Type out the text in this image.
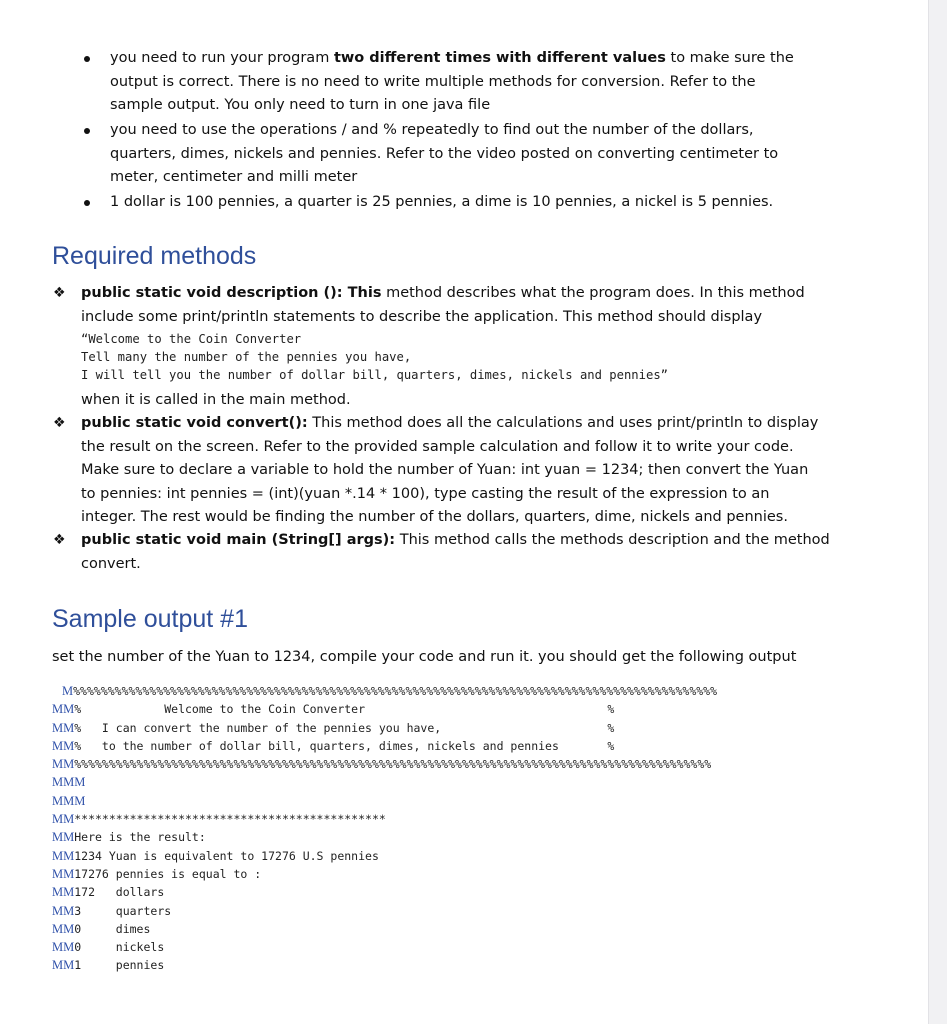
you need to run your program two different times with different values to make sure the
output is correct. There is no need to write multiple methods for conversion. Refer to the
sample output. You only need to turn in one java file
you need to use the operations / and % repeatedly to find out the number of the dollars,
quarters, dimes, nickels and pennies. Refer to the video posted on converting centimeter to
meter, centimeter and milli meter
1 dollar is 100 pennies, a quarter is 25 pennies, a dime is 10 pennies, a nickel is 5 pennies.
Required methods
❖ public static void description (): This method describes what the program does. In this method
include some print/println statements to describe the application. This method should display
“Welcome to the Coin Converter
Tell many the number of the pennies you have,
I will tell you the number of dollar bill, quarters, dimes, nickels and pennies”
when it is called in the main method.
❖ public static void convert(): This method does all the calculations and uses print/println to display
the result on the screen. Refer to the provided sample calculation and follow it to write your code.
Make sure to declare a variable to hold the number of Yuan: int yuan = 1234; then convert the Yuan
to pennies: int pennies = (int)(yuan *.14 * 100), type casting the result of the expression to an
integer. The rest would be finding the number of the dollars, quarters, dime, nickels and pennies.
❖ public static void main (String[] args): This method calls the methods description and the method
convert.
Sample output #1
set the number of the Yuan to 1234, compile your code and run it. you should get the following output
M%%%%%%%%%%%%%%%%%%%%%%%%%%%%%%%%%%%%%%%%%%%%%%%%%%%%%%%%%%%%%%%%%%%%%%%%%%%%%%%%%%%%%%%%%%%%%
MM%            Welcome to the Coin Converter                                   %
MM%   I can convert the number of the pennies you have,                        %
MM%   to the number of dollar bill, quarters, dimes, nickels and pennies       %
MM%%%%%%%%%%%%%%%%%%%%%%%%%%%%%%%%%%%%%%%%%%%%%%%%%%%%%%%%%%%%%%%%%%%%%%%%%%%%%%%%%%%%%%%%%%%%
MMM
MMM
MM*********************************************
MMHere is the result:
MM1234 Yuan is equivalent to 17276 U.S pennies
MM17276 pennies is equal to :
MM172   dollars
MM3     quarters
MM0     dimes
MM0     nickels
MM1     pennies
